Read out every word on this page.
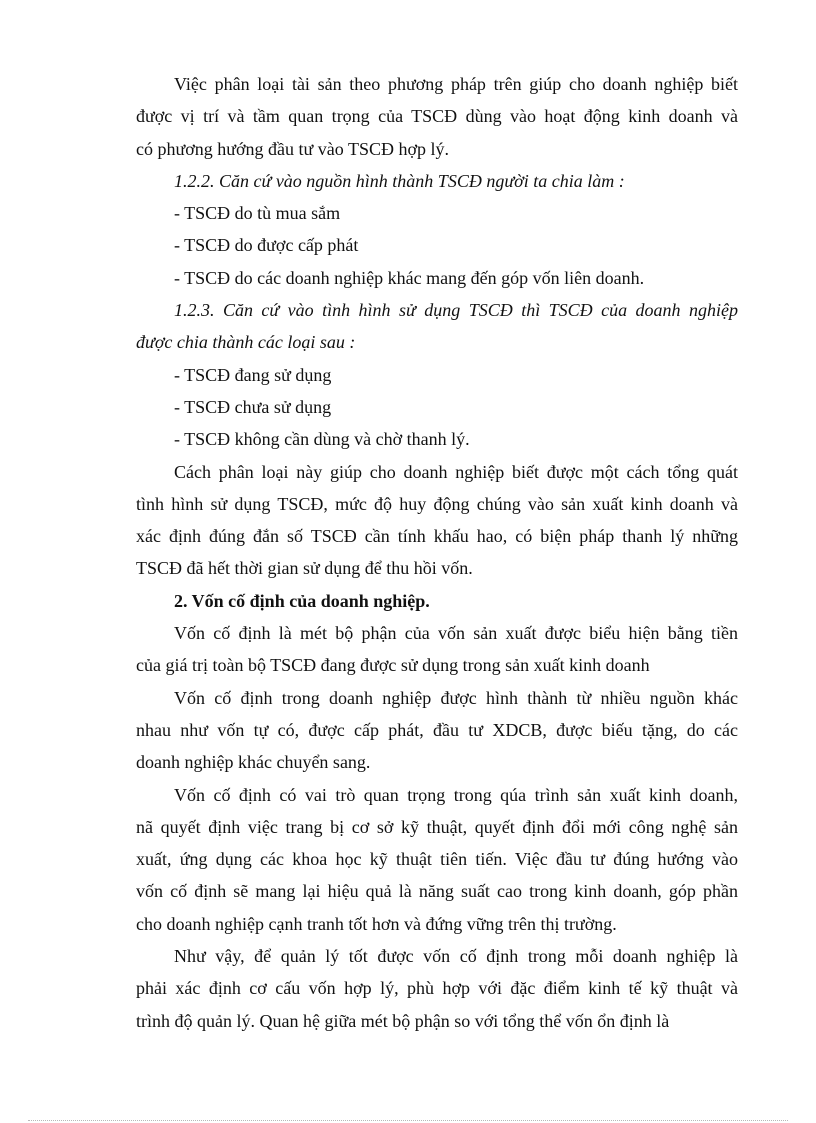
Việc phân loại tài sản theo phương pháp trên giúp cho doanh nghiệp biết
được vị trí và tầm quan trọng của TSCĐ dùng vào hoạt động kinh doanh và
có phương hướng đầu tư vào TSCĐ hợp lý.
1.2.2. Căn cứ vào nguồn hình thành TSCĐ người ta chia làm :
- TSCĐ do tù mua sắm
- TSCĐ do được cấp phát
- TSCĐ do các doanh nghiệp khác mang đến góp vốn liên doanh.
1.2.3. Căn cứ vào tình hình sử dụng TSCĐ thì TSCĐ của doanh nghiệp
được chia thành các loại sau :
- TSCĐ đang sử dụng
- TSCĐ chưa sử dụng
- TSCĐ không cần dùng và chờ thanh lý.
Cách phân loại này giúp cho doanh nghiệp biết được một cách tổng quát
tình hình sử dụng TSCĐ, mức độ huy động chúng vào sản xuất kinh doanh và
xác định đúng đắn số TSCĐ cần tính khấu hao, có biện pháp thanh lý những
TSCĐ đã hết thời gian sử dụng để thu hồi vốn.
2. Vốn cố định của doanh nghiệp.
Vốn cố định là mét bộ phận của vốn sản xuất được biểu hiện bằng tiền
của giá trị toàn bộ TSCĐ đang được sử dụng trong sản xuất kinh doanh
Vốn cố định trong doanh nghiệp được hình thành từ nhiều nguồn khác
nhau như vốn tự có, được cấp phát, đầu tư XDCB, được biếu tặng, do các
doanh nghiệp khác chuyển sang.
Vốn cố định có vai trò quan trọng trong qúa trình sản xuất kinh doanh,
nã quyết định việc trang bị cơ sở kỹ thuật, quyết định đổi mới công nghệ sản
xuất, ứng dụng các khoa học kỹ thuật tiên tiến. Việc đầu tư đúng hướng vào
vốn cố định sẽ mang lại hiệu quả là năng suất cao trong kinh doanh, góp phần
cho doanh nghiệp cạnh tranh tốt hơn và đứng vững trên thị trường.
Như vậy, để quản lý tốt được vốn cố định trong mỗi doanh nghiệp là
phải xác định cơ cấu vốn hợp lý, phù hợp với đặc điểm kinh tế kỹ thuật và
trình độ quản lý. Quan hệ giữa mét bộ phận so với tổng thể vốn ổn định là
